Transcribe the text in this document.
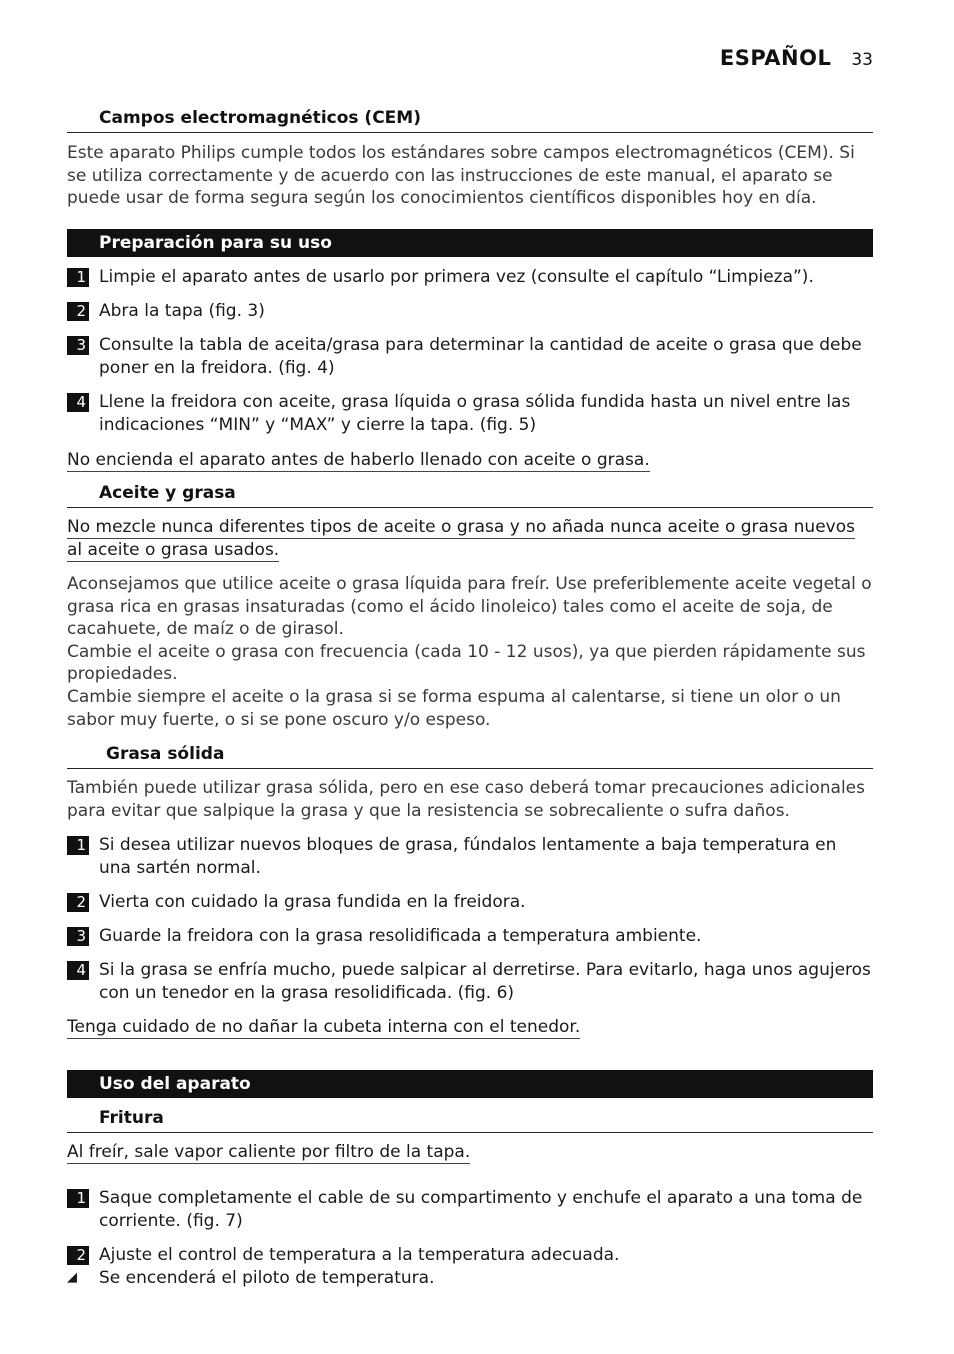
ESPAÑOL 33
Campos electromagnéticos (CEM)

Este aparato Philips cumple todos los estándares sobre campos electromagnéticos (CEM). Si se utiliza correctamente y de acuerdo con las instrucciones de este manual, el aparato se puede usar de forma segura según los conocimientos científicos disponibles hoy en día.

Preparación para su uso
1 Limpie el aparato antes de usarlo por primera vez (consulte el capítulo “Limpieza”).
2 Abra la tapa (fig. 3)
3 Consulte la tabla de aceita/grasa para determinar la cantidad de aceite o grasa que debe poner en la freidora. (fig. 4)
4 Llene la freidora con aceite, grasa líquida o grasa sólida fundida hasta un nivel entre las indicaciones “MIN” y “MAX” y cierre la tapa. (fig. 5)
No encienda el aparato antes de haberlo llenado con aceite o grasa.
Aceite y grasa
No mezcle nunca diferentes tipos de aceite o grasa y no añada nunca aceite o grasa nuevos al aceite o grasa usados.

Aconsejamos que utilice aceite o grasa líquida para freír. Use preferiblemente aceite vegetal o grasa rica en grasas insaturadas (como el ácido linoleico) tales como el aceite de soja, de cacahuete, de maíz o de girasol.

Cambie el aceite o grasa con frecuencia (cada 10 - 12 usos), ya que pierden rápidamente sus propiedades.

Cambie siempre el aceite o la grasa si se forma espuma al calentarse, si tiene un olor o un sabor muy fuerte, o si se pone oscuro y/o espeso.

Grasa sólida

También puede utilizar grasa sólida, pero en ese caso deberá tomar precauciones adicionales para evitar que salpique la grasa y que la resistencia se sobrecaliente o sufra daños.

1 Si desea utilizar nuevos bloques de grasa, fúndalos lentamente a baja temperatura en una sartén normal.
2 Vierta con cuidado la grasa fundida en la freidora.
3 Guarde la freidora con la grasa resolidificada a temperatura ambiente.
4 Si la grasa se enfría mucho, puede salpicar al derretirse. Para evitarlo, haga unos agujeros con un tenedor en la grasa resolidificada. (fig. 6)
Tenga cuidado de no dañar la cubeta interna con el tenedor.
Uso del aparato
Fritura
Al freír, sale vapor caliente por filtro de la tapa.
1 Saque completamente el cable de su compartimento y enchufe el aparato a una toma de corriente. (fig. 7)
2 Ajuste el control de temperatura a la temperatura adecuada.
◢	Se encenderá el piloto de temperatura.
